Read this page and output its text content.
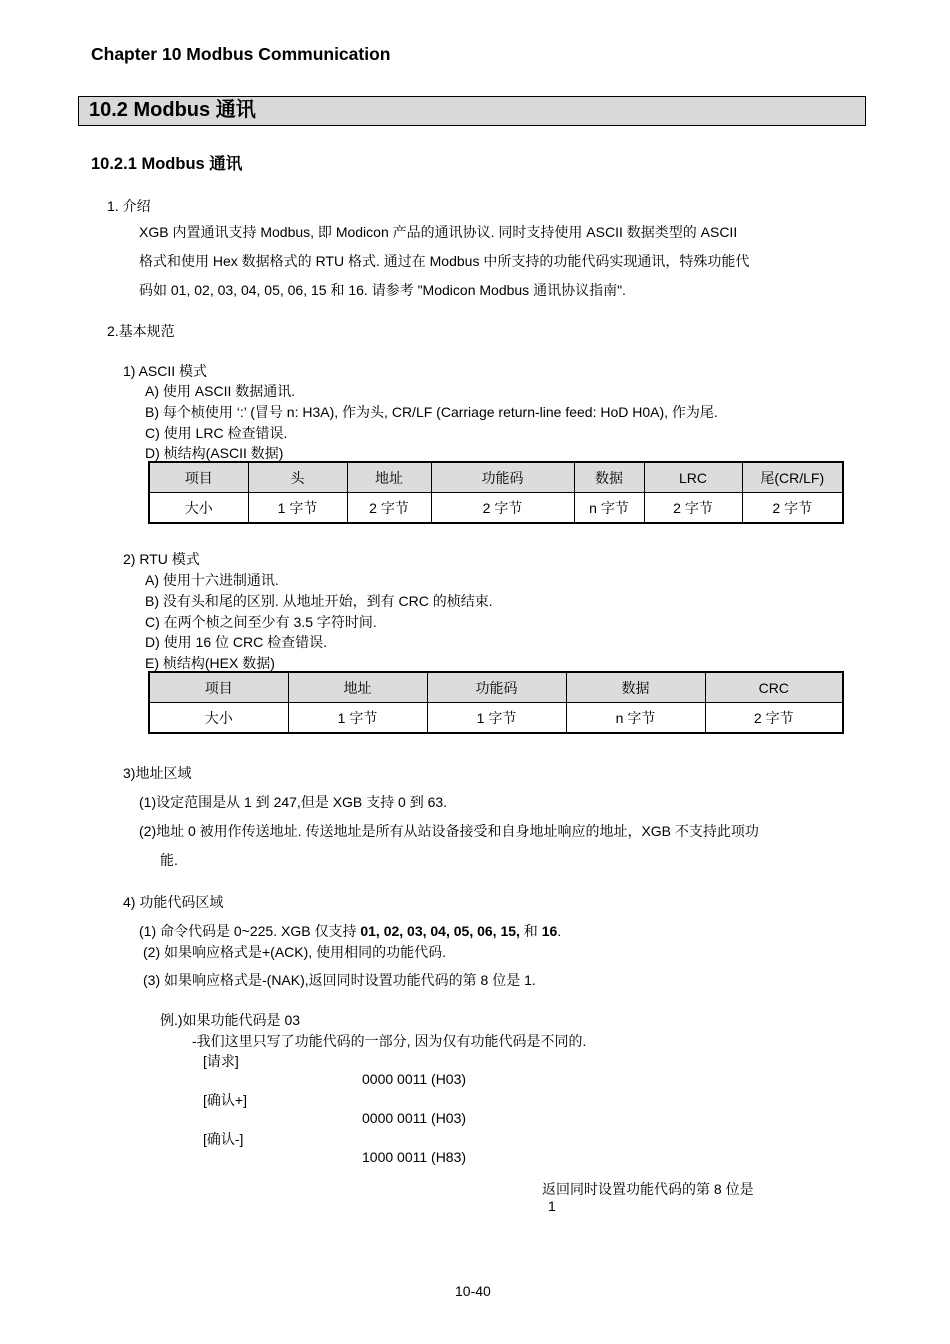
Chapter 10 Modbus Communication
10.2 Modbus 通讯
10.2.1 Modbus 通讯
1. 介绍
XGB 内置通讯支持 Modbus, 即 Modicon 产品的通讯协议. 同时支持使用 ASCII 数据类型的 ASCII
格式和使用 Hex 数据格式的 RTU 格式. 通过在 Modbus 中所支持的功能代码实现通讯，特殊功能代
码如 01, 02, 03, 04, 05, 06, 15 和 16. 请参考 "Modicon Modbus 通讯协议指南".
2.基本规范
1) ASCII 模式
A) 使用 ASCII 数据通讯.
B) 每个桢使用 ‘:’ (冒号 n: H3A), 作为头, CR/LF (Carriage return-line feed: HoD H0A), 作为尾.
C) 使用 LRC 检查错误.
D) 桢结构(ASCII 数据)
项目	头	地址	功能码	数据	LRC	尾(CR/LF)
大小	1 字节	2 字节	2 字节	n 字节	2 字节	2 字节
2) RTU 模式
A) 使用十六进制通讯.
B) 没有头和尾的区别. 从地址开始，到有 CRC 的桢结束.
C) 在两个桢之间至少有 3.5 字符时间.
D) 使用 16 位 CRC 检查错误.
E) 桢结构(HEX 数据)
项目	地址	功能码	数据	CRC
大小	1 字节	1 字节	n 字节	2 字节
3)地址区域
(1)设定范围是从 1 到 247,但是 XGB 支持 0 到 63.
(2)地址 0 被用作传送地址. 传送地址是所有从站设备接受和自身地址响应的地址，XGB 不支持此项功
能.
4) 功能代码区域
(1) 命令代码是 0~225. XGB 仅支持 01, 02, 03, 04, 05, 06, 15, 和 16.
(2) 如果响应格式是+(ACK), 使用相同的功能代码.
(3) 如果响应格式是-(NAK),返回同时设置功能代码的第 8 位是 1.
例.)如果功能代码是 03
-我们这里只写了功能代码的一部分, 因为仅有功能代码是不同的.
[请求]
0000 0011 (H03)
[确认+]
0000 0011 (H03)
[确认-]
1000 0011 (H83)
返回同时设置功能代码的第 8 位是
1
10-40
